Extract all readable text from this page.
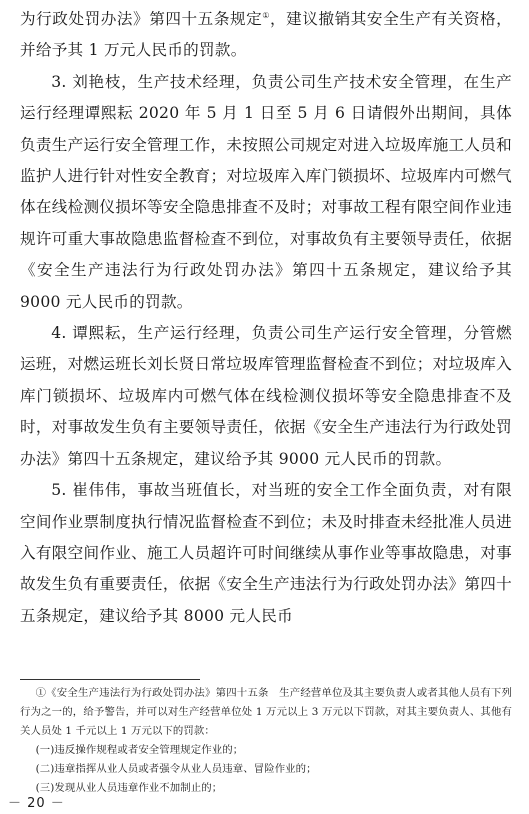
为行政处罚办法》第四十五条规定①，建议撤销其安全生产有关资格，并给予其 1 万元人民币的罚款。

3. 刘艳枝，生产技术经理，负责公司生产技术安全管理，在生产运行经理谭熙耘 2020 年 5 月 1 日至 5 月 6 日请假外出期间，具体负责生产运行安全管理工作，未按照公司规定对进入垃圾库施工人员和监护人进行针对性安全教育；对垃圾库入库门锁损坏、垃圾库内可燃气体在线检测仪损坏等安全隐患排查不及时；对事故工程有限空间作业违规许可重大事故隐患监督检查不到位，对事故负有主要领导责任，依据《安全生产违法行为行政处罚办法》第四十五条规定，建议给予其 9000 元人民币的罚款。

4. 谭熙耘，生产运行经理，负责公司生产运行安全管理，分管燃运班，对燃运班长刘长贤日常垃圾库管理监督检查不到位；对垃圾库入库门锁损坏、垃圾库内可燃气体在线检测仪损坏等安全隐患排查不及时，对事故发生负有主要领导责任，依据《安全生产违法行为行政处罚办法》第四十五条规定，建议给予其 9000 元人民币的罚款。

5. 崔伟伟，事故当班值长，对当班的安全工作全面负责，对有限空间作业票制度执行情况监督检查不到位；未及时排查未经批准人员进入有限空间作业、施工人员超许可时间继续从事作业等事故隐患，对事故发生负有重要责任，依据《安全生产违法行为行政处罚办法》第四十五条规定，建议给予其 8000 元人民币

①《安全生产违法行为行政处罚办法》第四十五条　生产经营单位及其主要负责人或者其他人员有下列行为之一的，给予警告，并可以对生产经营单位处 1 万元以上 3 万元以下罚款，对其主要负责人、其他有关人员处 1 千元以上 1 万元以下的罚款：

(一)违反操作规程或者安全管理规定作业的；

(二)违章指挥从业人员或者强令从业人员违章、冒险作业的；

(三)发现从业人员违章作业不加制止的；

－ 20 －
